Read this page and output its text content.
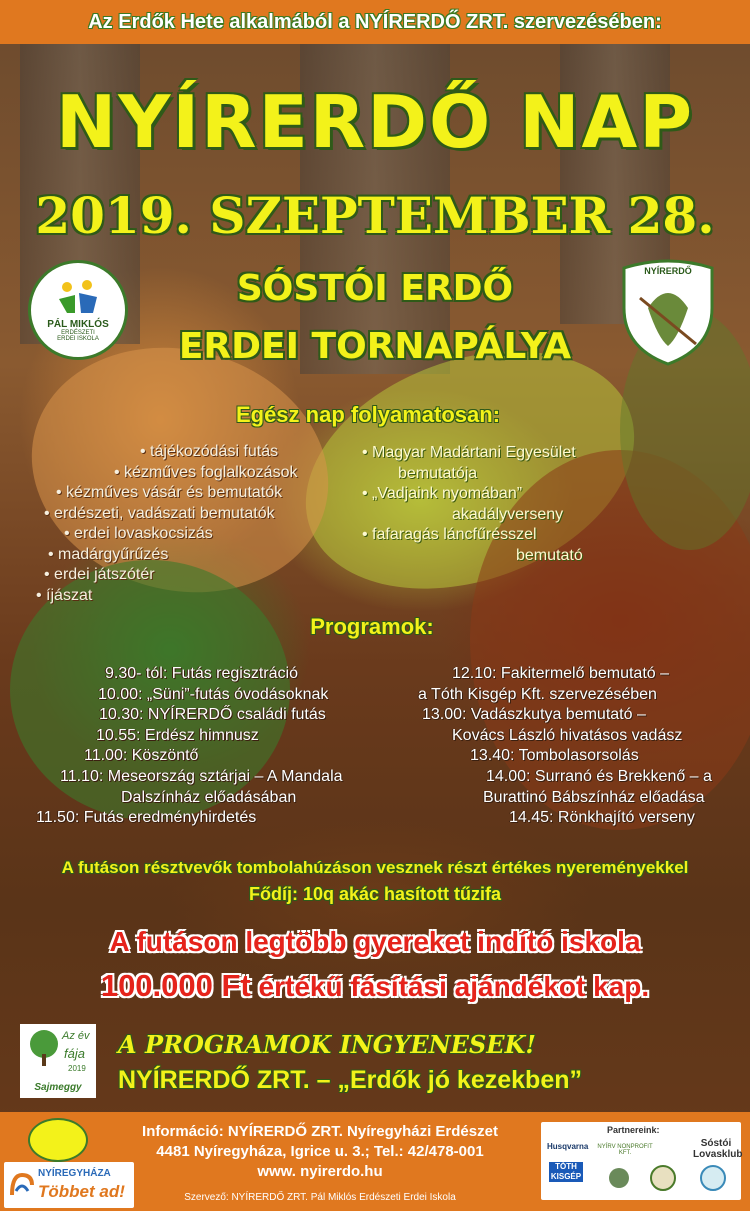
Az Erdők Hete alkalmából a NYÍRERDŐ ZRT. szervezésében:
NYÍRERDŐ NAP
2019. SZEPTEMBER 28.
SÓSTÓI ERDŐ
ERDEI TORNAPÁLYA
PÁL MIKLÓS
ERDÉSZETI
ERDEI ISKOLA
NYÍRERDŐ
Egész nap folyamatosan:
• tájékozódási futás
• kézműves foglalkozások
• kézműves vásár és bemutatók
• erdészeti, vadászati bemutatók
• erdei lovaskocsizás
• madárgyűrűzés
• erdei játszótér
• íjászat
• Magyar Madártani Egyesület
bemutatója
• „Vadjaink nyomában”
akadályverseny
• fafaragás láncfűrésszel
bemutató
Programok:
9.30- tól: Futás regisztráció
10.00: „Süni”-futás óvodásoknak
10.30: NYÍRERDŐ családi futás
10.55: Erdész himnusz
11.00: Köszöntő
11.10: Meseország sztárjai – A Mandala
Dalszínház előadásában
11.50: Futás eredményhirdetés
12.10: Fakitermelő bemutató –
a Tóth Kisgép Kft. szervezésében
13.00: Vadászkutya bemutató –
Kovács László hivatásos vadász
13.40: Tombolasorsolás
14.00: Surranó és Brekkenő – a
Burattinó Bábszínház előadása
14.45: Rönkhajító verseny
A futáson résztvevők tombolahúzáson vesznek részt értékes nyereményekkel
Fődíj: 10q akác hasított tűzifa
A futáson legtöbb gyereket indító iskola
100.000 Ft értékű fásítási ajándékot kap.
Az év
fája
2019
Sajmeggy
A PROGRAMOK INGYENESEK!
NYÍRERDŐ ZRT. – „Erdők jó kezekben”
Információ: NYÍRERDŐ ZRT. Nyíregyházi Erdészet
4481 Nyíregyháza, Igrice u. 3.; Tel.: 42/478-001
www. nyirerdo.hu
Szervező: NYÍRERDŐ ZRT. Pál Miklós Erdészeti Erdei Iskola
NYÍREGYHÁZA
Többet ad!
Partnereink:
Husqvarna
TÓTH KISGÉP
NYÍRV NONPROFIT KFT.
Sóstói Lovasklub
